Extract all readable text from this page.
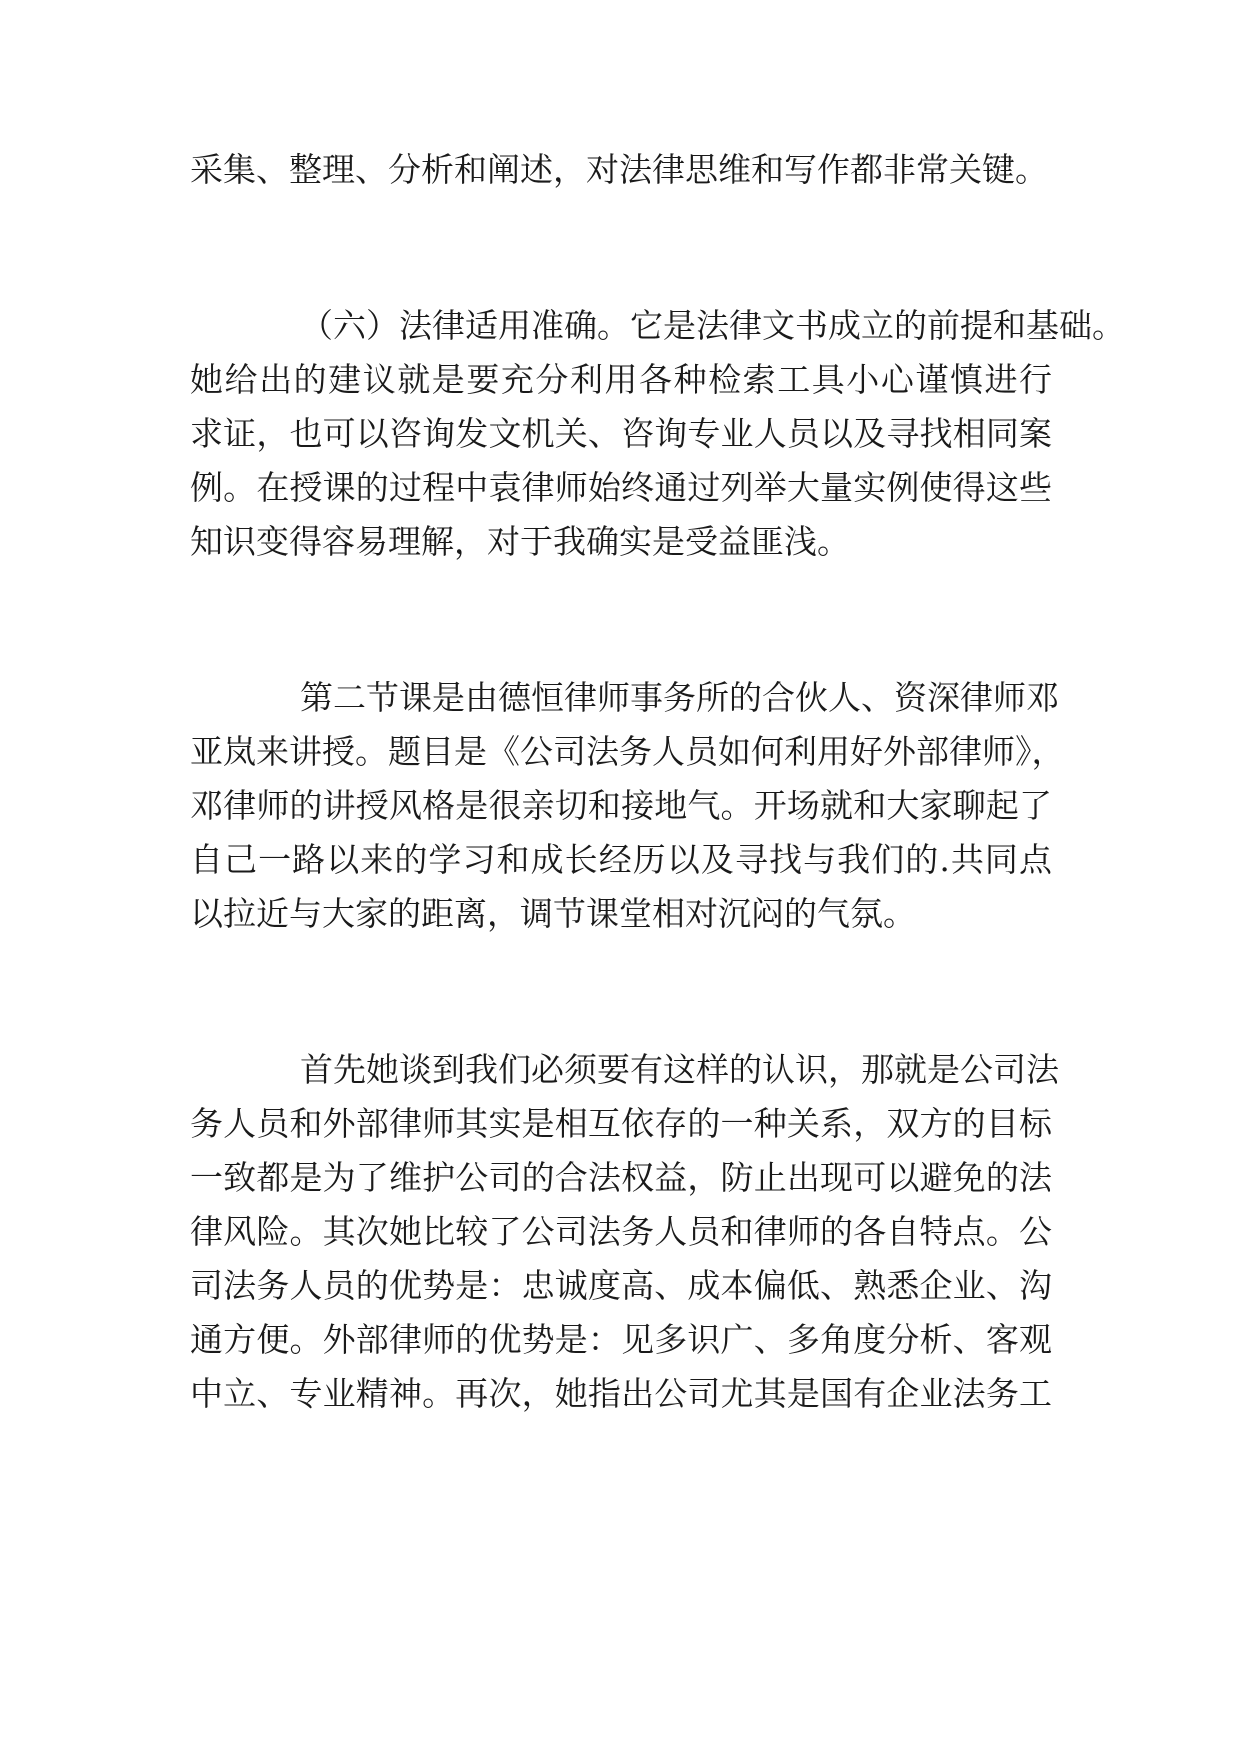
采集、整理、分析和阐述，对法律思维和写作都非常关键。
（六）法律适用准确。它是法律文书成立的前提和基础。
她给出的建议就是要充分利用各种检索工具小心谨慎进行
求证，也可以咨询发文机关、咨询专业人员以及寻找相同案
例。在授课的过程中袁律师始终通过列举大量实例使得这些
知识变得容易理解，对于我确实是受益匪浅。
第二节课是由德恒律师事务所的合伙人、资深律师邓
亚岚来讲授。题目是《公司法务人员如何利用好外部律师》，
邓律师的讲授风格是很亲切和接地气。开场就和大家聊起了
自己一路以来的学习和成长经历以及寻找与我们的.共同点
以拉近与大家的距离，调节课堂相对沉闷的气氛。
首先她谈到我们必须要有这样的认识，那就是公司法
务人员和外部律师其实是相互依存的一种关系，双方的目标
一致都是为了维护公司的合法权益，防止出现可以避免的法
律风险。其次她比较了公司法务人员和律师的各自特点。公
司法务人员的优势是：忠诚度高、成本偏低、熟悉企业、沟
通方便。外部律师的优势是：见多识广、多角度分析、客观
中立、专业精神。再次，她指出公司尤其是国有企业法务工
